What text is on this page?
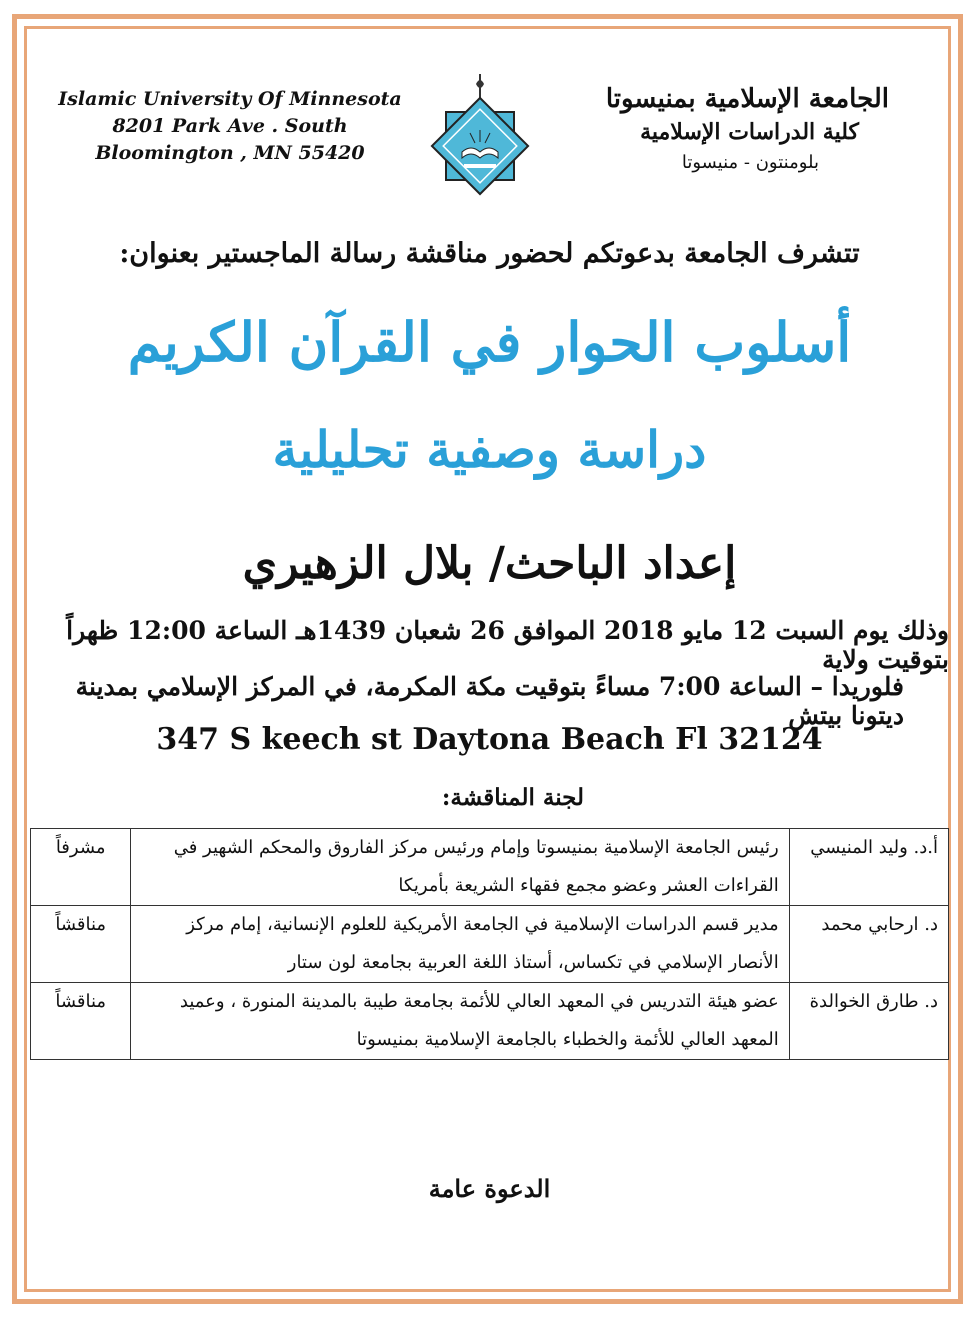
Islamic University Of Minnesota
8201 Park Ave . South
Bloomington , MN 55420
الجامعة الإسلامية بمنيسوتا
كلية الدراسات الإسلامية
بلومنتون - منيسوتا
تتشرف الجامعة بدعوتكم لحضور مناقشة رسالة الماجستير بعنوان:
أسلوب الحوار في القرآن الكريم
دراسة وصفية تحليلية
إعداد الباحث/ بلال الزهيري
وذلك يوم السبت 12 مايو 2018 الموافق 26 شعبان 1439هـ الساعة 12:00 ظهراً بتوقيت ولاية
فلوريدا – الساعة 7:00 مساءً بتوقيت مكة المكرمة، في المركز الإسلامي بمدينة ديتونا بيتش
347 S keech st Daytona Beach Fl 32124
لجنة المناقشة:
أ.د. وليد المنيسي	رئيس الجامعة الإسلامية بمنيسوتا وإمام ورئيس مركز الفاروق والمحكم الشهير في القراءات العشر وعضو مجمع فقهاء الشريعة بأمريكا	مشرفاً
د. ارحابي محمد	مدير قسم الدراسات الإسلامية في الجامعة الأمريكية للعلوم الإنسانية، إمام مركز الأنصار الإسلامي في تكساس، أستاذ اللغة العربية بجامعة لون ستار	مناقشاً
د. طارق الخوالدة	عضو هيئة التدريس في المعهد العالي للأئمة بجامعة طيبة بالمدينة المنورة ، وعميد المعهد العالي للأئمة والخطباء بالجامعة الإسلامية بمنيسوتا	مناقشاً
الدعوة عامة
